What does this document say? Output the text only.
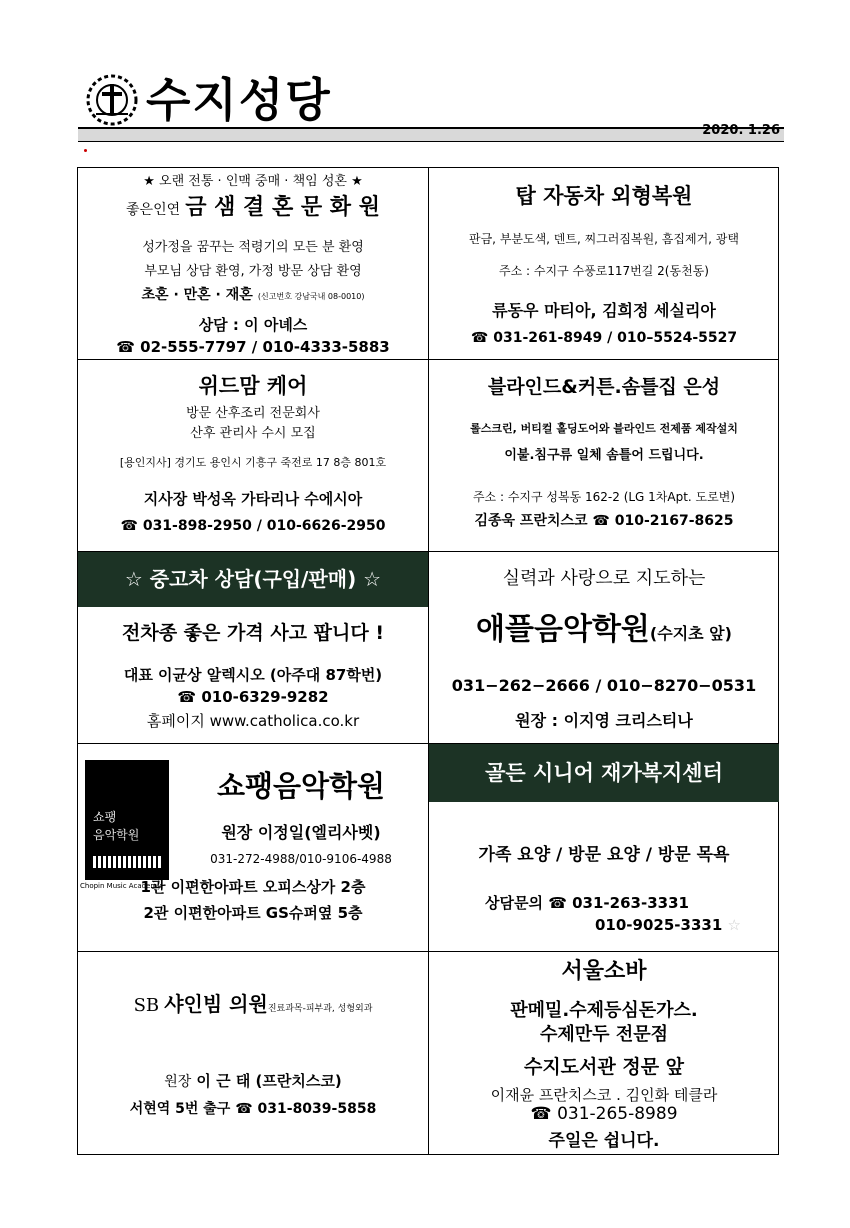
수지성당
2020. 1.26
★ 오랜 전통 · 인맥 중매 · 책임 성혼 ★
좋은인연 금 샘 결 혼 문 화 원
성가정을 꿈꾸는 적령기의 모든 분 환영
부모님 상담 환영, 가정 방문 상담 환영
초혼 · 만혼 · 재혼 (신고번호 강남국내 08-0010)
상담 : 이 아녜스
☎ 02-555-7797 / 010-4333-5883
탑 자동차 외형복원
판금, 부분도색, 덴트, 찌그러짐복원, 흠집제거, 광택
주소 : 수지구 수풍로117번길 2(동천동)
류동우 마티아, 김희정 세실리아
☎ 031-261-8949 / 010–5524-5527
위드맘 케어
방문 산후조리 전문회사
산후 관리사 수시 모집
[용인지사] 경기도 용인시 기흥구 죽전로 17 8층 801호
지사장 박성옥 가타리나 수에시아
☎ 031-898-2950 / 010-6626-2950
블라인드&커튼.솜틀집 은성
롤스크린, 버티컬 홀딩도어와 블라인드 전제품 제작설치
이불.침구류 일체 솜틀어 드립니다.
주소 : 수지구 성복동 162-2 (LG 1차Apt. 도로변)
김종욱 프란치스코 ☎ 010-2167-8625
☆ 중고차 상담(구입/판매) ☆
전차종 좋은 가격 사고 팝니다 !
대표 이균상 알렉시오 (아주대 87학번)
☎ 010-6329-9282
홈페이지 www.catholica.co.kr
실력과 사랑으로 지도하는
애플음악학원(수지초 앞)
031−262−2666 / 010−8270−0531
원장 : 이지영 크리스티나
쇼팽
음악학원
Chopin Music Academy
쇼팽음악학원
원장 이정일(엘리사벳)
031-272-4988/010-9106-4988
1관 이편한아파트 오피스상가 2층
2관 이편한아파트 GS슈퍼옆 5층
골든 시니어 재가복지센터
가족 요양 / 방문 요양 / 방문 목욕
상담문의 ☎ 031-263-3331
010-9025-3331 ☆
SB 샤인빔 의원진료과목-피부과, 성형외과
원장 이 근 태 (프란치스코)
서현역 5번 출구 ☎ 031-8039-5858
서울소바
판메밀.수제등심돈가스.
수제만두 전문점
수지도서관 정문 앞
이재윤 프란치스코 . 김인화 테클라
☎ 031-265-8989
주일은 쉽니다.
